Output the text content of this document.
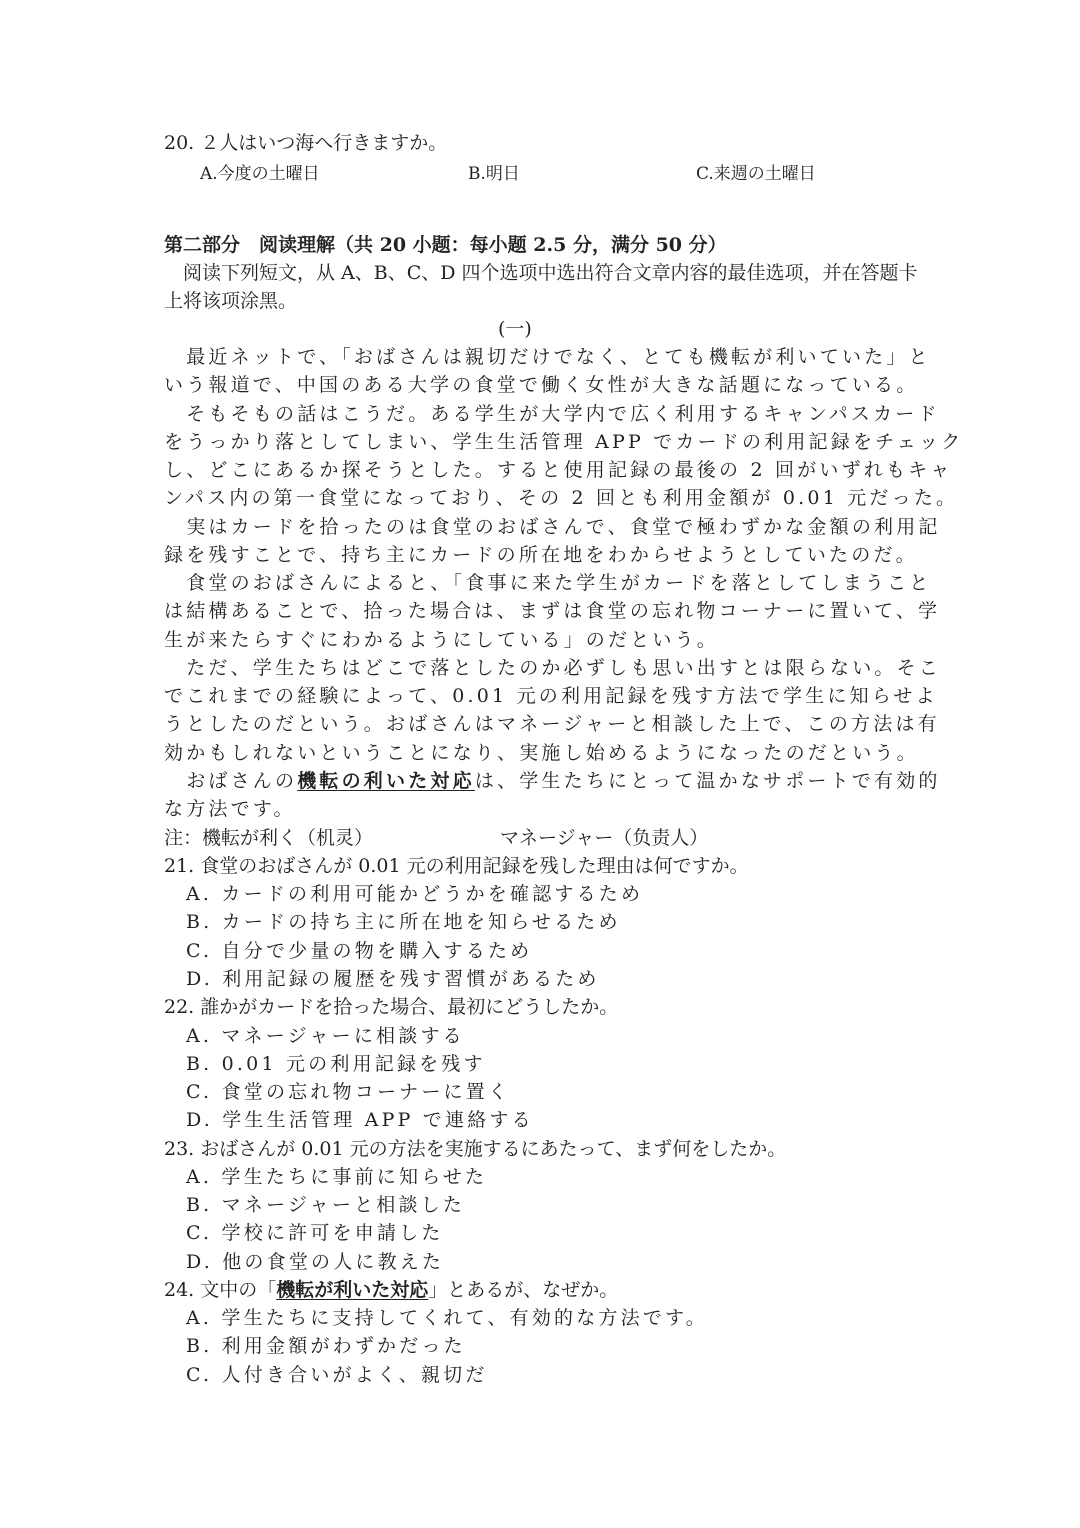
20. ２人はいつ海へ行きますか。
A.今度の土曜日	B.明日	C.来週の土曜日
第二部分　阅读理解（共 20 小题：每小题 2.5 分，满分 50 分）
　阅读下列短文，从 A、B、C、D 四个选项中选出符合文章内容的最佳选项，并在答题卡
上将该项涂黑。
(一)
　最近ネットで、「おばさんは親切だけでなく、とても機転が利いていた」と
いう報道で、中国のある大学の食堂で働く女性が大きな話題になっている。
　そもそもの話はこうだ。ある学生が大学内で広く利用するキャンパスカード
をうっかり落としてしまい、学生生活管理 APP でカードの利用記録をチェック
し、どこにあるか探そうとした。すると使用記録の最後の 2 回がいずれもキャ
ンパス内の第一食堂になっており、その 2 回とも利用金額が 0.01 元だった。
　実はカードを拾ったのは食堂のおばさんで、食堂で極わずかな金額の利用記
録を残すことで、持ち主にカードの所在地をわからせようとしていたのだ。
　食堂のおばさんによると、「食事に来た学生がカードを落としてしまうこと
は結構あることで、拾った場合は、まずは食堂の忘れ物コーナーに置いて、学
生が来たらすぐにわかるようにしている」のだという。
　ただ、学生たちはどこで落としたのか必ずしも思い出すとは限らない。そこ
でこれまでの経験によって、0.01 元の利用記録を残す方法で学生に知らせよ
うとしたのだという。おばさんはマネージャーと相談した上で、この方法は有
効かもしれないということになり、実施し始めるようになったのだという。
　おばさんの機転の利いた対応は、学生たちにとって温かなサポートで有効的
な方法です。
注：機転が利く（机灵）	マネージャー（负责人）
21. 食堂のおばさんが 0.01 元の利用記録を残した理由は何ですか。
A. カードの利用可能かどうかを確認するため
B. カードの持ち主に所在地を知らせるため
C. 自分で少量の物を購入するため
D. 利用記録の履歴を残す習慣があるため
22. 誰かがカードを拾った場合、最初にどうしたか。
A. マネージャーに相談する
B. 0.01 元の利用記録を残す
C. 食堂の忘れ物コーナーに置く
D. 学生生活管理 APP で連絡する
23. おばさんが 0.01 元の方法を実施するにあたって、まず何をしたか。
A. 学生たちに事前に知らせた
B. マネージャーと相談した
C. 学校に許可を申請した
D. 他の食堂の人に教えた
24. 文中の「機転が利いた対応」とあるが、なぜか。
A. 学生たちに支持してくれて、有効的な方法です。
B. 利用金額がわずかだった
C. 人付き合いがよく、親切だ
